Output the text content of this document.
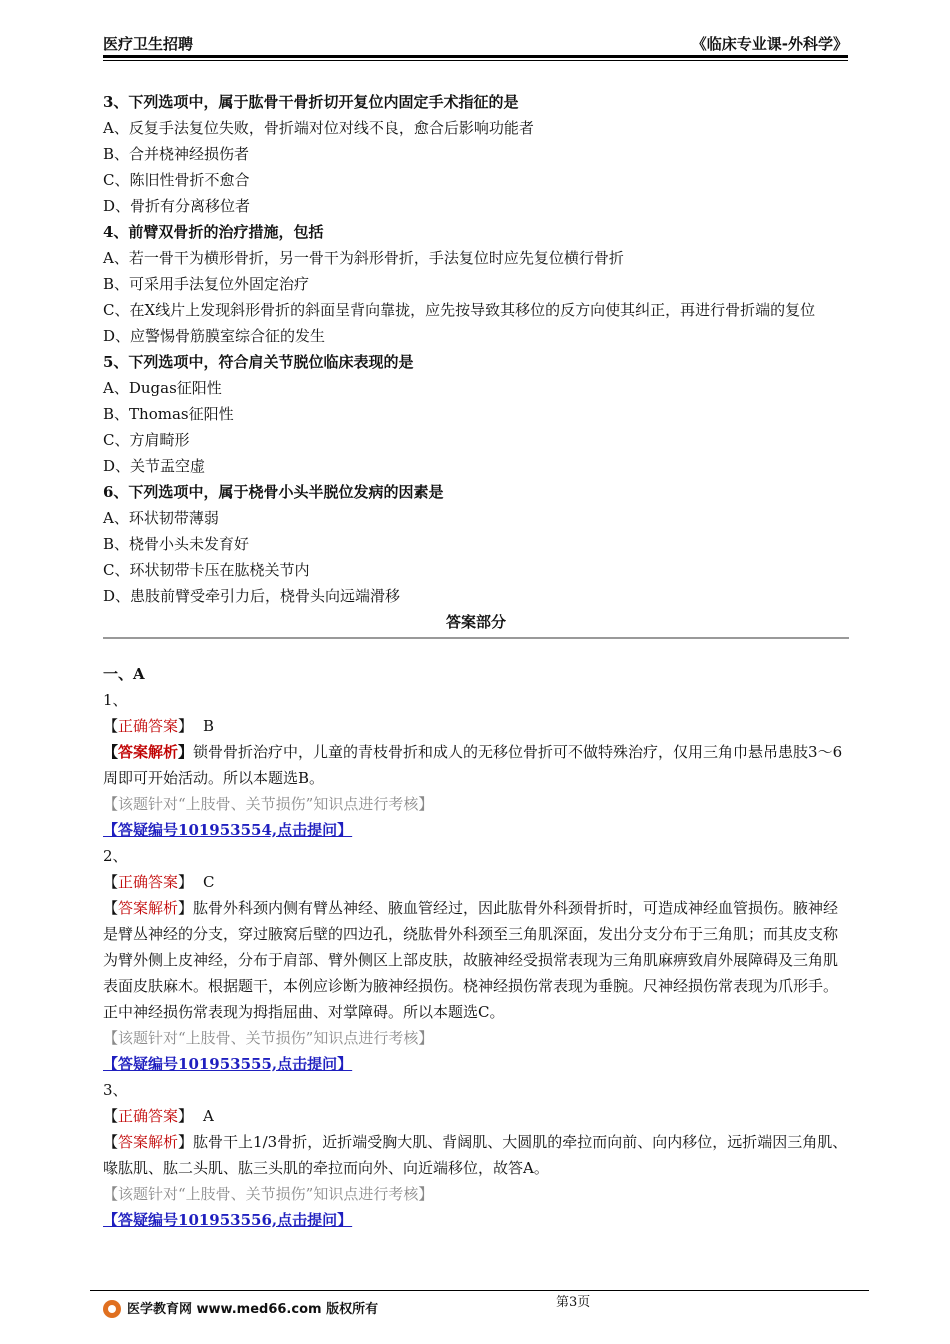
医疗卫生招聘	《临床专业课-外科学》
3、下列选项中，属于肱骨干骨折切开复位内固定手术指征的是
A、反复手法复位失败，骨折端对位对线不良，愈合后影响功能者
B、合并桡神经损伤者
C、陈旧性骨折不愈合
D、骨折有分离移位者
4、前臂双骨折的治疗措施，包括
A、若一骨干为横形骨折，另一骨干为斜形骨折，手法复位时应先复位横行骨折
B、可采用手法复位外固定治疗
C、在X线片上发现斜形骨折的斜面呈背向靠拢，应先按导致其移位的反方向使其纠正，再进行骨折端的复位
D、应警惕骨筋膜室综合征的发生
5、下列选项中，符合肩关节脱位临床表现的是
A、Dugas征阳性
B、Thomas征阳性
C、方肩畸形
D、关节盂空虚
6、下列选项中，属于桡骨小头半脱位发病的因素是
A、环状韧带薄弱
B、桡骨小头未发育好
C、环状韧带卡压在肱桡关节内
D、患肢前臂受牵引力后，桡骨头向远端滑移
答案部分
一、A
1、
【正确答案】 B
【答案解析】锁骨骨折治疗中，儿童的青枝骨折和成人的无移位骨折可不做特殊治疗，仅用三角巾悬吊患肢3～6周即可开始活动。所以本题选B。
【该题针对“上肢骨、关节损伤”知识点进行考核】
【答疑编号101953554,点击提问】
2、
【正确答案】 C
【答案解析】肱骨外科颈内侧有臂丛神经、腋血管经过，因此肱骨外科颈骨折时，可造成神经血管损伤。腋神经是臂丛神经的分支，穿过腋窝后壁的四边孔，绕肱骨外科颈至三角肌深面，发出分支分布于三角肌；而其皮支称为臂外侧上皮神经，分布于肩部、臂外侧区上部皮肤，故腋神经受损常表现为三角肌麻痹致肩外展障碍及三角肌表面皮肤麻木。根据题干，本例应诊断为腋神经损伤。桡神经损伤常表现为垂腕。尺神经损伤常表现为爪形手。正中神经损伤常表现为拇指屈曲、对掌障碍。所以本题选C。
【该题针对“上肢骨、关节损伤”知识点进行考核】
【答疑编号101953555,点击提问】
3、
【正确答案】 A
【答案解析】肱骨干上1/3骨折，近折端受胸大肌、背阔肌、大圆肌的牵拉而向前、向内移位，远折端因三角肌、喙肱肌、肱二头肌、肱三头肌的牵拉而向外、向近端移位，故答A。
【该题针对“上肢骨、关节损伤”知识点进行考核】
【答疑编号101953556,点击提问】
医学教育网 www.med66.com 版权所有	第3页
